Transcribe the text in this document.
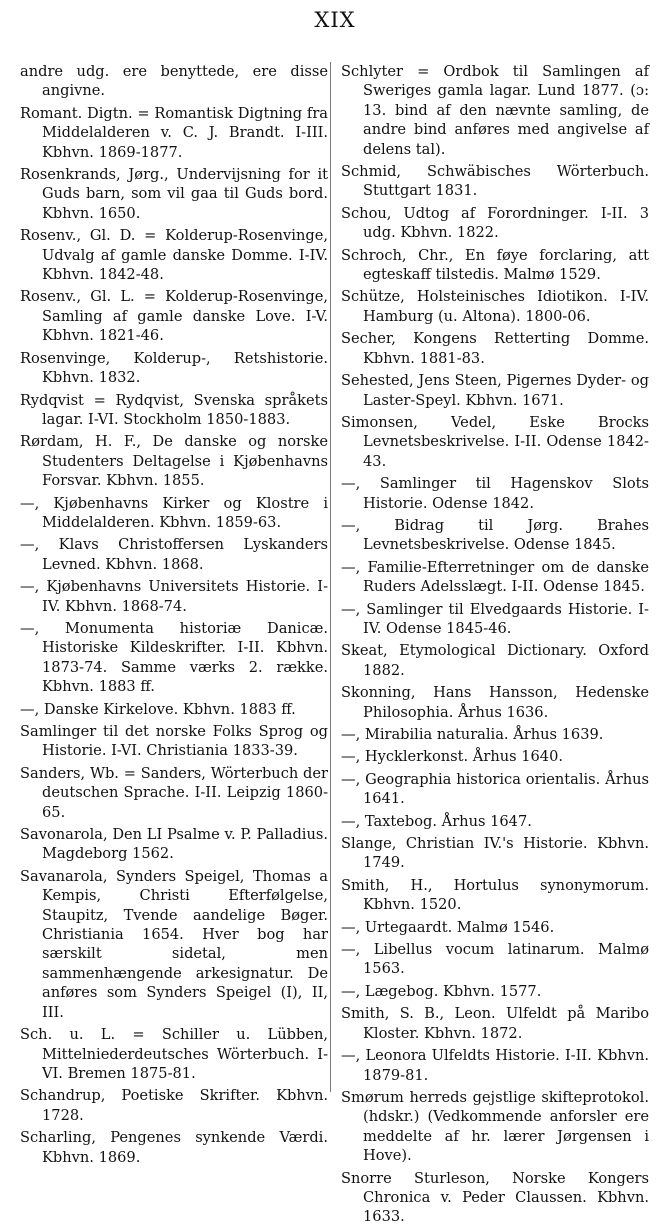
XIX

andre udg. ere benyttede, ere disse angivne.

Romant. Digtn. = Romantisk Digtning fra Middelalderen v. C. J. Brandt. I-III. Kbhvn. 1869-1877.

Rosenkrands, Jørg., Undervijsning for it Guds barn, som vil gaa til Guds bord. Kbhvn. 1650.

Rosenv., Gl. D. = Kolderup-Rosenvinge, Udvalg af gamle danske Domme. I-IV. Kbhvn. 1842-48.

Rosenv., Gl. L. = Kolderup-Rosenvinge, Samling af gamle danske Love. I-V. Kbhvn. 1821-46.

Rosenvinge, Kolderup-, Retshistorie. Kbhvn. 1832.

Rydqvist = Rydqvist, Svenska språkets lagar. I-VI. Stockholm 1850-1883.

Rørdam, H. F., De danske og norske Studenters Deltagelse i Kjøbenhavns Forsvar. Kbhvn. 1855.

—, Kjøbenhavns Kirker og Klostre i Middelalderen. Kbhvn. 1859-63.

—, Klavs Christoffersen Lyskanders Levned. Kbhvn. 1868.

—, Kjøbenhavns Universitets Historie. I-IV. Kbhvn. 1868-74.

—, Monumenta historiæ Danicæ. Historiske Kildeskrifter. I-II. Kbhvn. 1873-74. Samme værks 2. række. Kbhvn. 1883 ff.

—, Danske Kirkelove. Kbhvn. 1883 ff.

Samlinger til det norske Folks Sprog og Historie. I-VI. Christiania 1833-39.

Sanders, Wb. = Sanders, Wörterbuch der deutschen Sprache. I-II. Leipzig 1860-65.

Savonarola, Den LI Psalme v. P. Palladius. Magdeborg 1562.

Savanarola, Synders Speigel, Thomas a Kempis, Christi Efterfølgelse, Staupitz, Tvende aandelige Bøger. Christiania 1654. Hver bog har særskilt sidetal, men sammenhængende arkesignatur. De anføres som Synders Speigel (I), II, III.

Sch. u. L. = Schiller u. Lübben, Mittelniederdeutsches Wörterbuch. I-VI. Bremen 1875-81.

Schandrup, Poetiske Skrifter. Kbhvn. 1728.

Scharling, Pengenes synkende Værdi. Kbhvn. 1869.

Schlyter = Ordbok til Samlingen af Sweriges gamla lagar. Lund 1877. (ɔ: 13. bind af den nævnte samling, de andre bind anføres med angivelse af delens tal).

Schmid, Schwäbisches Wörterbuch. Stuttgart 1831.

Schou, Udtog af Forordninger. I-II. 3 udg. Kbhvn. 1822.

Schroch, Chr., En føye forclaring, att egteskaff tilstedis. Malmø 1529.

Schütze, Holsteinisches Idiotikon. I-IV. Hamburg (u. Altona). 1800-06.

Secher, Kongens Retterting Domme. Kbhvn. 1881-83.

Sehested, Jens Steen, Pigernes Dyder- og Laster-Speyl. Kbhvn. 1671.

Simonsen, Vedel, Eske Brocks Levnetsbeskrivelse. I-II. Odense 1842-43.

—, Samlinger til Hagenskov Slots Historie. Odense 1842.

—, Bidrag til Jørg. Brahes Levnetsbeskrivelse. Odense 1845.

—, Familie-Efterretninger om de danske Ruders Adelsslægt. I-II. Odense 1845.

—, Samlinger til Elvedgaards Historie. I-IV. Odense 1845-46.

Skeat, Etymological Dictionary. Oxford 1882.

Skonning, Hans Hansson, Hedenske Philosophia. Århus 1636.

—, Mirabilia naturalia. Århus 1639.

—, Hycklerkonst. Århus 1640.

—, Geographia historica orientalis. Århus 1641.

—, Taxtebog. Århus 1647.

Slange, Christian IV.'s Historie. Kbhvn. 1749.

Smith, H., Hortulus synonymorum. Kbhvn. 1520.

—, Urtegaardt. Malmø 1546.

—, Libellus vocum latinarum. Malmø 1563.

—, Lægebog. Kbhvn. 1577.

Smith, S. B., Leon. Ulfeldt på Maribo Kloster. Kbhvn. 1872.

—, Leonora Ulfeldts Historie. I-II. Kbhvn. 1879-81.

Smørum herreds gejstlige skifteprotokol. (hdskr.) (Vedkommende anforsler ere meddelte af hr. lærer Jørgensen i Hove).

Snorre Sturleson, Norske Kongers Chronica v. Peder Claussen. Kbhvn. 1633.
